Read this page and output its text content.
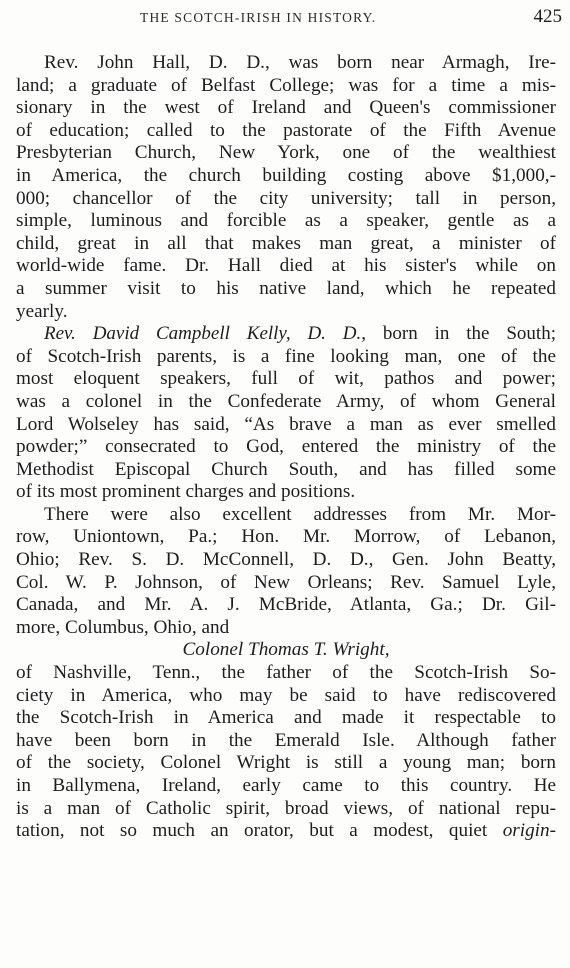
THE SCOTCH-IRISH IN HISTORY.	425
Rev. John Hall, D. D., was born near Armagh, Ire-
land; a graduate of Belfast College; was for a time a mis-
sionary in the west of Ireland and Queen's commissioner
of education; called to the pastorate of the Fifth Avenue
Presbyterian Church, New York, one of the wealthiest
in America, the church building costing above $1,000,-
000; chancellor of the city university; tall in person,
simple, luminous and forcible as a speaker, gentle as a
child, great in all that makes man great, a minister of
world-wide fame. Dr. Hall died at his sister's while on
a summer visit to his native land, which he repeated
yearly.
Rev. David Campbell Kelly, D. D., born in the South;
of Scotch-Irish parents, is a fine looking man, one of the
most eloquent speakers, full of wit, pathos and power;
was a colonel in the Confederate Army, of whom General
Lord Wolseley has said, “As brave a man as ever smelled
powder;” consecrated to God, entered the ministry of the
Methodist Episcopal Church South, and has filled some
of its most prominent charges and positions.
There were also excellent addresses from Mr. Mor-
row, Uniontown, Pa.; Hon. Mr. Morrow, of Lebanon,
Ohio; Rev. S. D. McConnell, D. D., Gen. John Beatty,
Col. W. P. Johnson, of New Orleans; Rev. Samuel Lyle,
Canada, and Mr. A. J. McBride, Atlanta, Ga.; Dr. Gil-
more, Columbus, Ohio, and
Colonel Thomas T. Wright,
of Nashville, Tenn., the father of the Scotch-Irish So-
ciety in America, who may be said to have rediscovered
the Scotch-Irish in America and made it respectable to
have been born in the Emerald Isle. Although father
of the society, Colonel Wright is still a young man; born
in Ballymena, Ireland, early came to this country. He
is a man of Catholic spirit, broad views, of national repu-
tation, not so much an orator, but a modest, quiet origin-
